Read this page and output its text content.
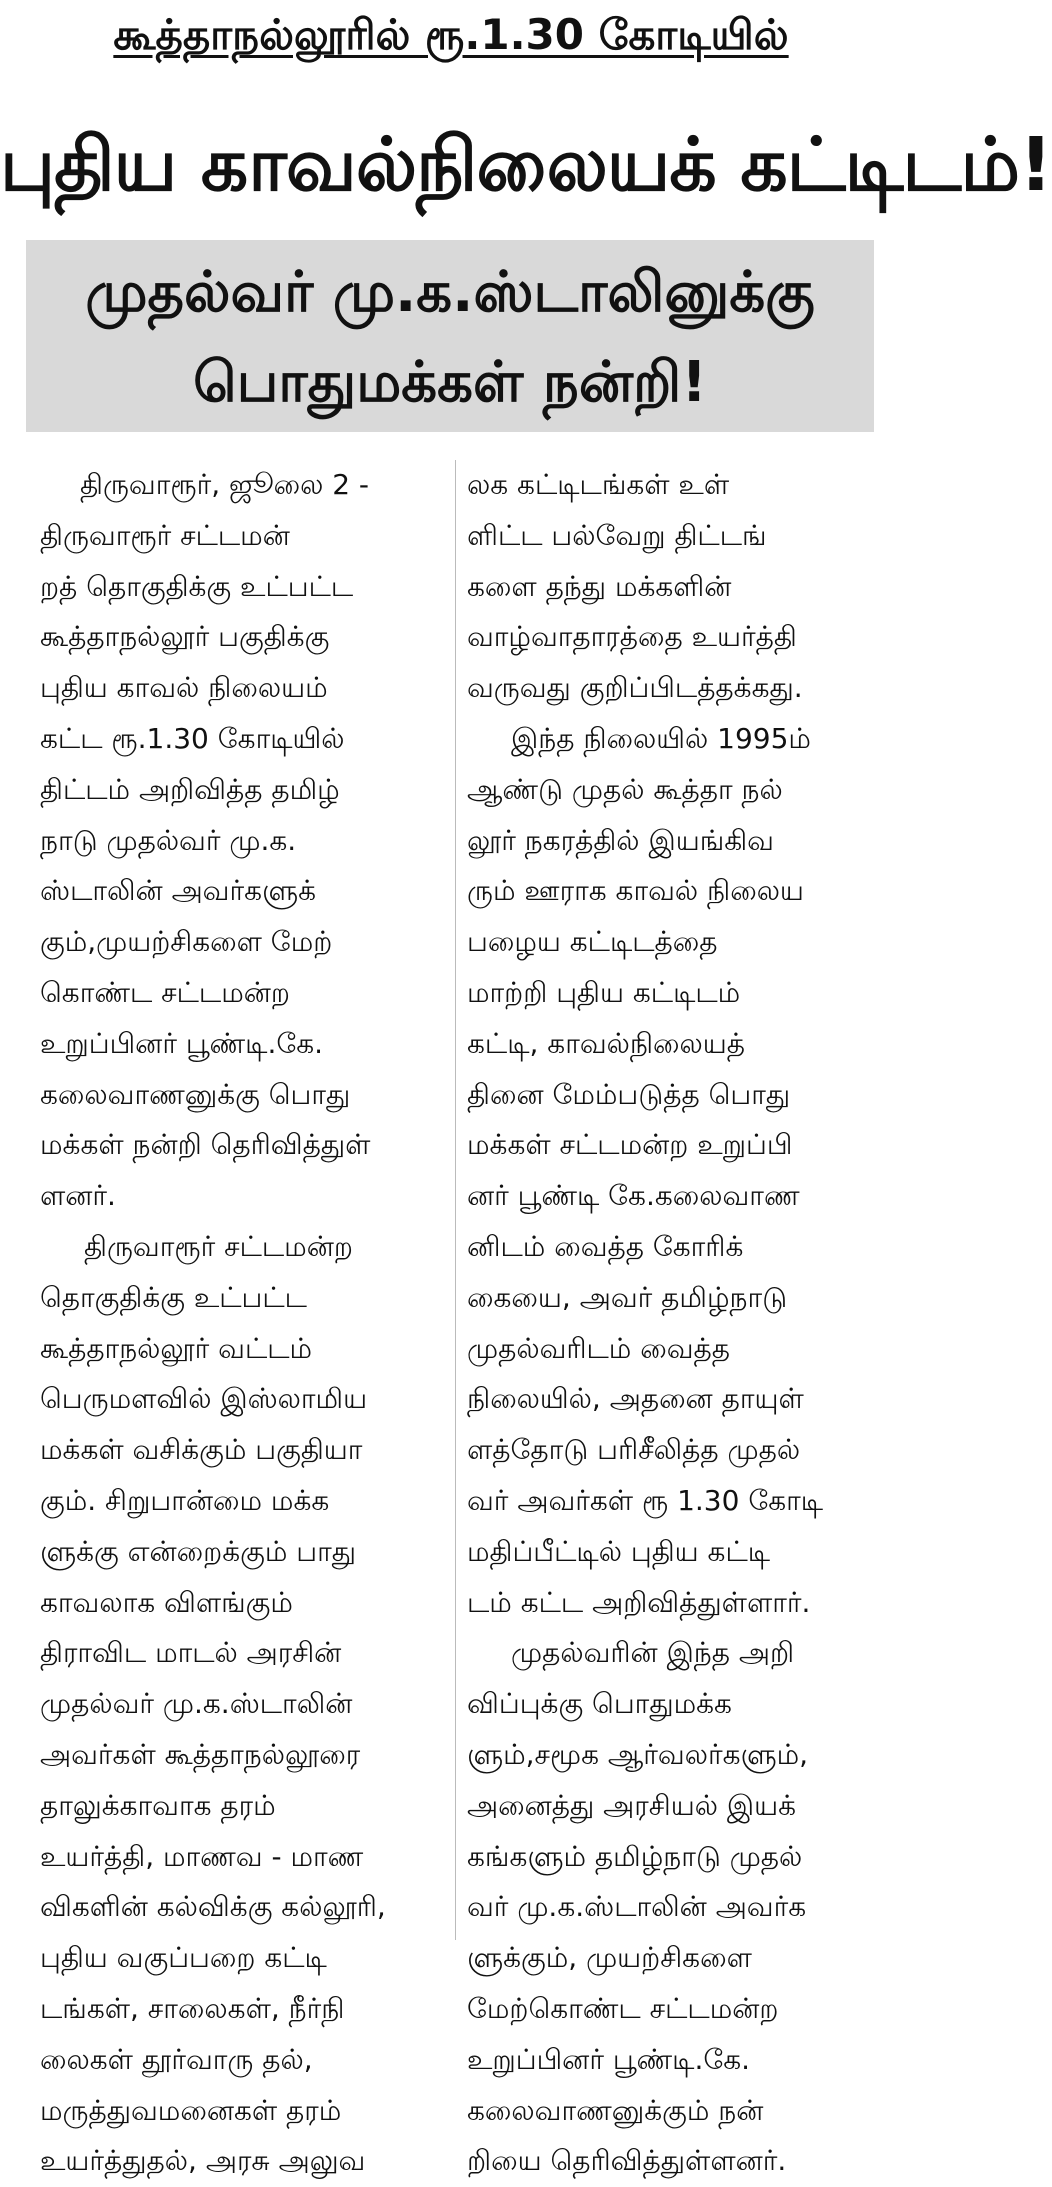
கூத்தாநல்லூரில் ரூ.1.30 கோடியில்
புதிய காவல்நிலையக் கட்டிடம்!
முதல்வர் மு.க.ஸ்டாலினுக்கு
பொதுமக்கள் நன்றி!
திருவாரூர், ஜூலை 2 -
திருவாரூர் சட்டமன்
றத் தொகுதிக்கு உட்பட்ட
கூத்தாநல்லூர் பகுதிக்கு
புதிய காவல் நிலையம்
கட்ட ரூ.1.30 கோடியில்
திட்டம் அறிவித்த தமிழ்
நாடு முதல்வர் மு.க.
ஸ்டாலின் அவர்களுக்
கும்,முயற்சிகளை மேற்
கொண்ட சட்டமன்ற
உறுப்பினர் பூண்டி.கே.
கலைவாணனுக்கு பொது
மக்கள் நன்றி தெரிவித்துள்
ளனர்.
திருவாரூர் சட்டமன்ற
தொகுதிக்கு உட்பட்ட
கூத்தாநல்லூர் வட்டம்
பெருமளவில் இஸ்லாமிய
மக்கள் வசிக்கும் பகுதியா
கும். சிறுபான்மை மக்க
ளுக்கு என்றைக்கும் பாது
காவலாக விளங்கும்
திராவிட மாடல் அரசின்
முதல்வர் மு.க.ஸ்டாலின்
அவர்கள் கூத்தாநல்லூரை
தாலுக்காவாக தரம்
உயர்த்தி, மாணவ - மாண
விகளின் கல்விக்கு கல்லூரி,
புதிய வகுப்பறை கட்டி
டங்கள், சாலைகள், நீர்நி
லைகள் தூர்வாரு தல்,
மருத்துவமனைகள் தரம்
உயர்த்துதல், அரசு அலுவ
லக கட்டிடங்கள் உள்
ளிட்ட பல்வேறு திட்டங்
களை தந்து மக்களின்
வாழ்வாதாரத்தை உயர்த்தி
வருவது குறிப்பிடத்தக்கது.
இந்த நிலையில் 1995ம்
ஆண்டு முதல் கூத்தா நல்
லூர் நகரத்தில் இயங்கிவ
ரும் ஊராக காவல் நிலைய
பழைய கட்டிடத்தை
மாற்றி புதிய கட்டிடம்
கட்டி, காவல்நிலையத்
தினை மேம்படுத்த பொது
மக்கள் சட்டமன்ற உறுப்பி
னர் பூண்டி கே.கலைவாண
னிடம் வைத்த கோரிக்
கையை, அவர் தமிழ்நாடு
முதல்வரிடம் வைத்த
நிலையில், அதனை தாயுள்
ளத்தோடு பரிசீலித்த முதல்
வர் அவர்கள் ரூ 1.30 கோடி
மதிப்பீட்டில் புதிய கட்டி
டம் கட்ட அறிவித்துள்ளார்.
முதல்வரின் இந்த அறி
விப்புக்கு பொதுமக்க
ளும்,சமூக ஆர்வலர்களும்,
அனைத்து அரசியல் இயக்
கங்களும் தமிழ்நாடு முதல்
வர் மு.க.ஸ்டாலின் அவர்க
ளுக்கும், முயற்சிகளை
மேற்கொண்ட சட்டமன்ற
உறுப்பினர் பூண்டி.கே.
கலைவாணனுக்கும் நன்
றியை தெரிவித்துள்ளனர்.
